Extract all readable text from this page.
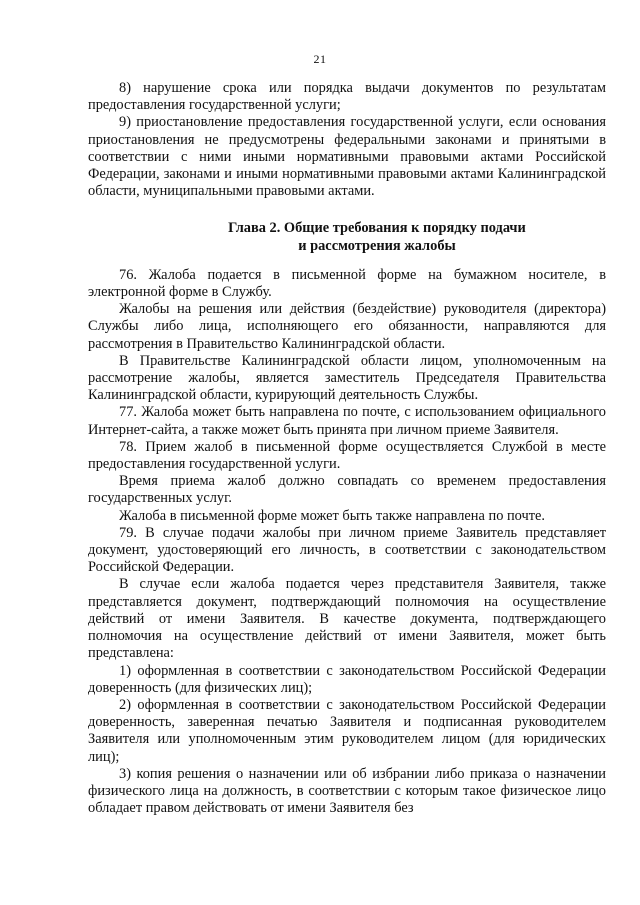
21

8) нарушение срока или порядка выдачи документов по результатам предоставления государственной услуги;

9) приостановление предоставления государственной услуги, если основания приостановления не предусмотрены федеральными законами и принятыми в соответствии с ними иными нормативными правовыми актами Российской Федерации, законами и иными нормативными правовыми актами Калининградской области, муниципальными правовыми актами.

Глава 2. Общие требования к порядку подачи
и рассмотрения жалобы

76. Жалоба подается в письменной форме на бумажном носителе, в электронной форме в Службу.

Жалобы на решения или действия (бездействие) руководителя (директора) Службы либо лица, исполняющего его обязанности, направляются для рассмотрения в Правительство Калининградской области.

В Правительстве Калининградской области лицом, уполномоченным на рассмотрение жалобы, является заместитель Председателя Правительства Калининградской области, курирующий деятельность Службы.

77. Жалоба может быть направлена по почте, с использованием официального Интернет-сайта, а также может быть принята при личном приеме Заявителя.

78. Прием жалоб в письменной форме осуществляется Службой в месте предоставления государственной услуги.

Время приема жалоб должно совпадать со временем предоставления государственных услуг.

Жалоба в письменной форме может быть также направлена по почте.

79. В случае подачи жалобы при личном приеме Заявитель представляет документ, удостоверяющий его личность, в соответствии с законодательством Российской Федерации.

В случае если жалоба подается через представителя Заявителя, также представляется документ, подтверждающий полномочия на осуществление действий от имени Заявителя. В качестве документа, подтверждающего полномочия на осуществление действий от имени Заявителя, может быть представлена:

1) оформленная в соответствии с законодательством Российской Федерации доверенность (для физических лиц);

2) оформленная в соответствии с законодательством Российской Федерации доверенность, заверенная печатью Заявителя и подписанная руководителем Заявителя или уполномоченным этим руководителем лицом (для юридических лиц);

3) копия решения о назначении или об избрании либо приказа о назначении физического лица на должность, в соответствии с которым такое физическое лицо обладает правом действовать от имени Заявителя без
